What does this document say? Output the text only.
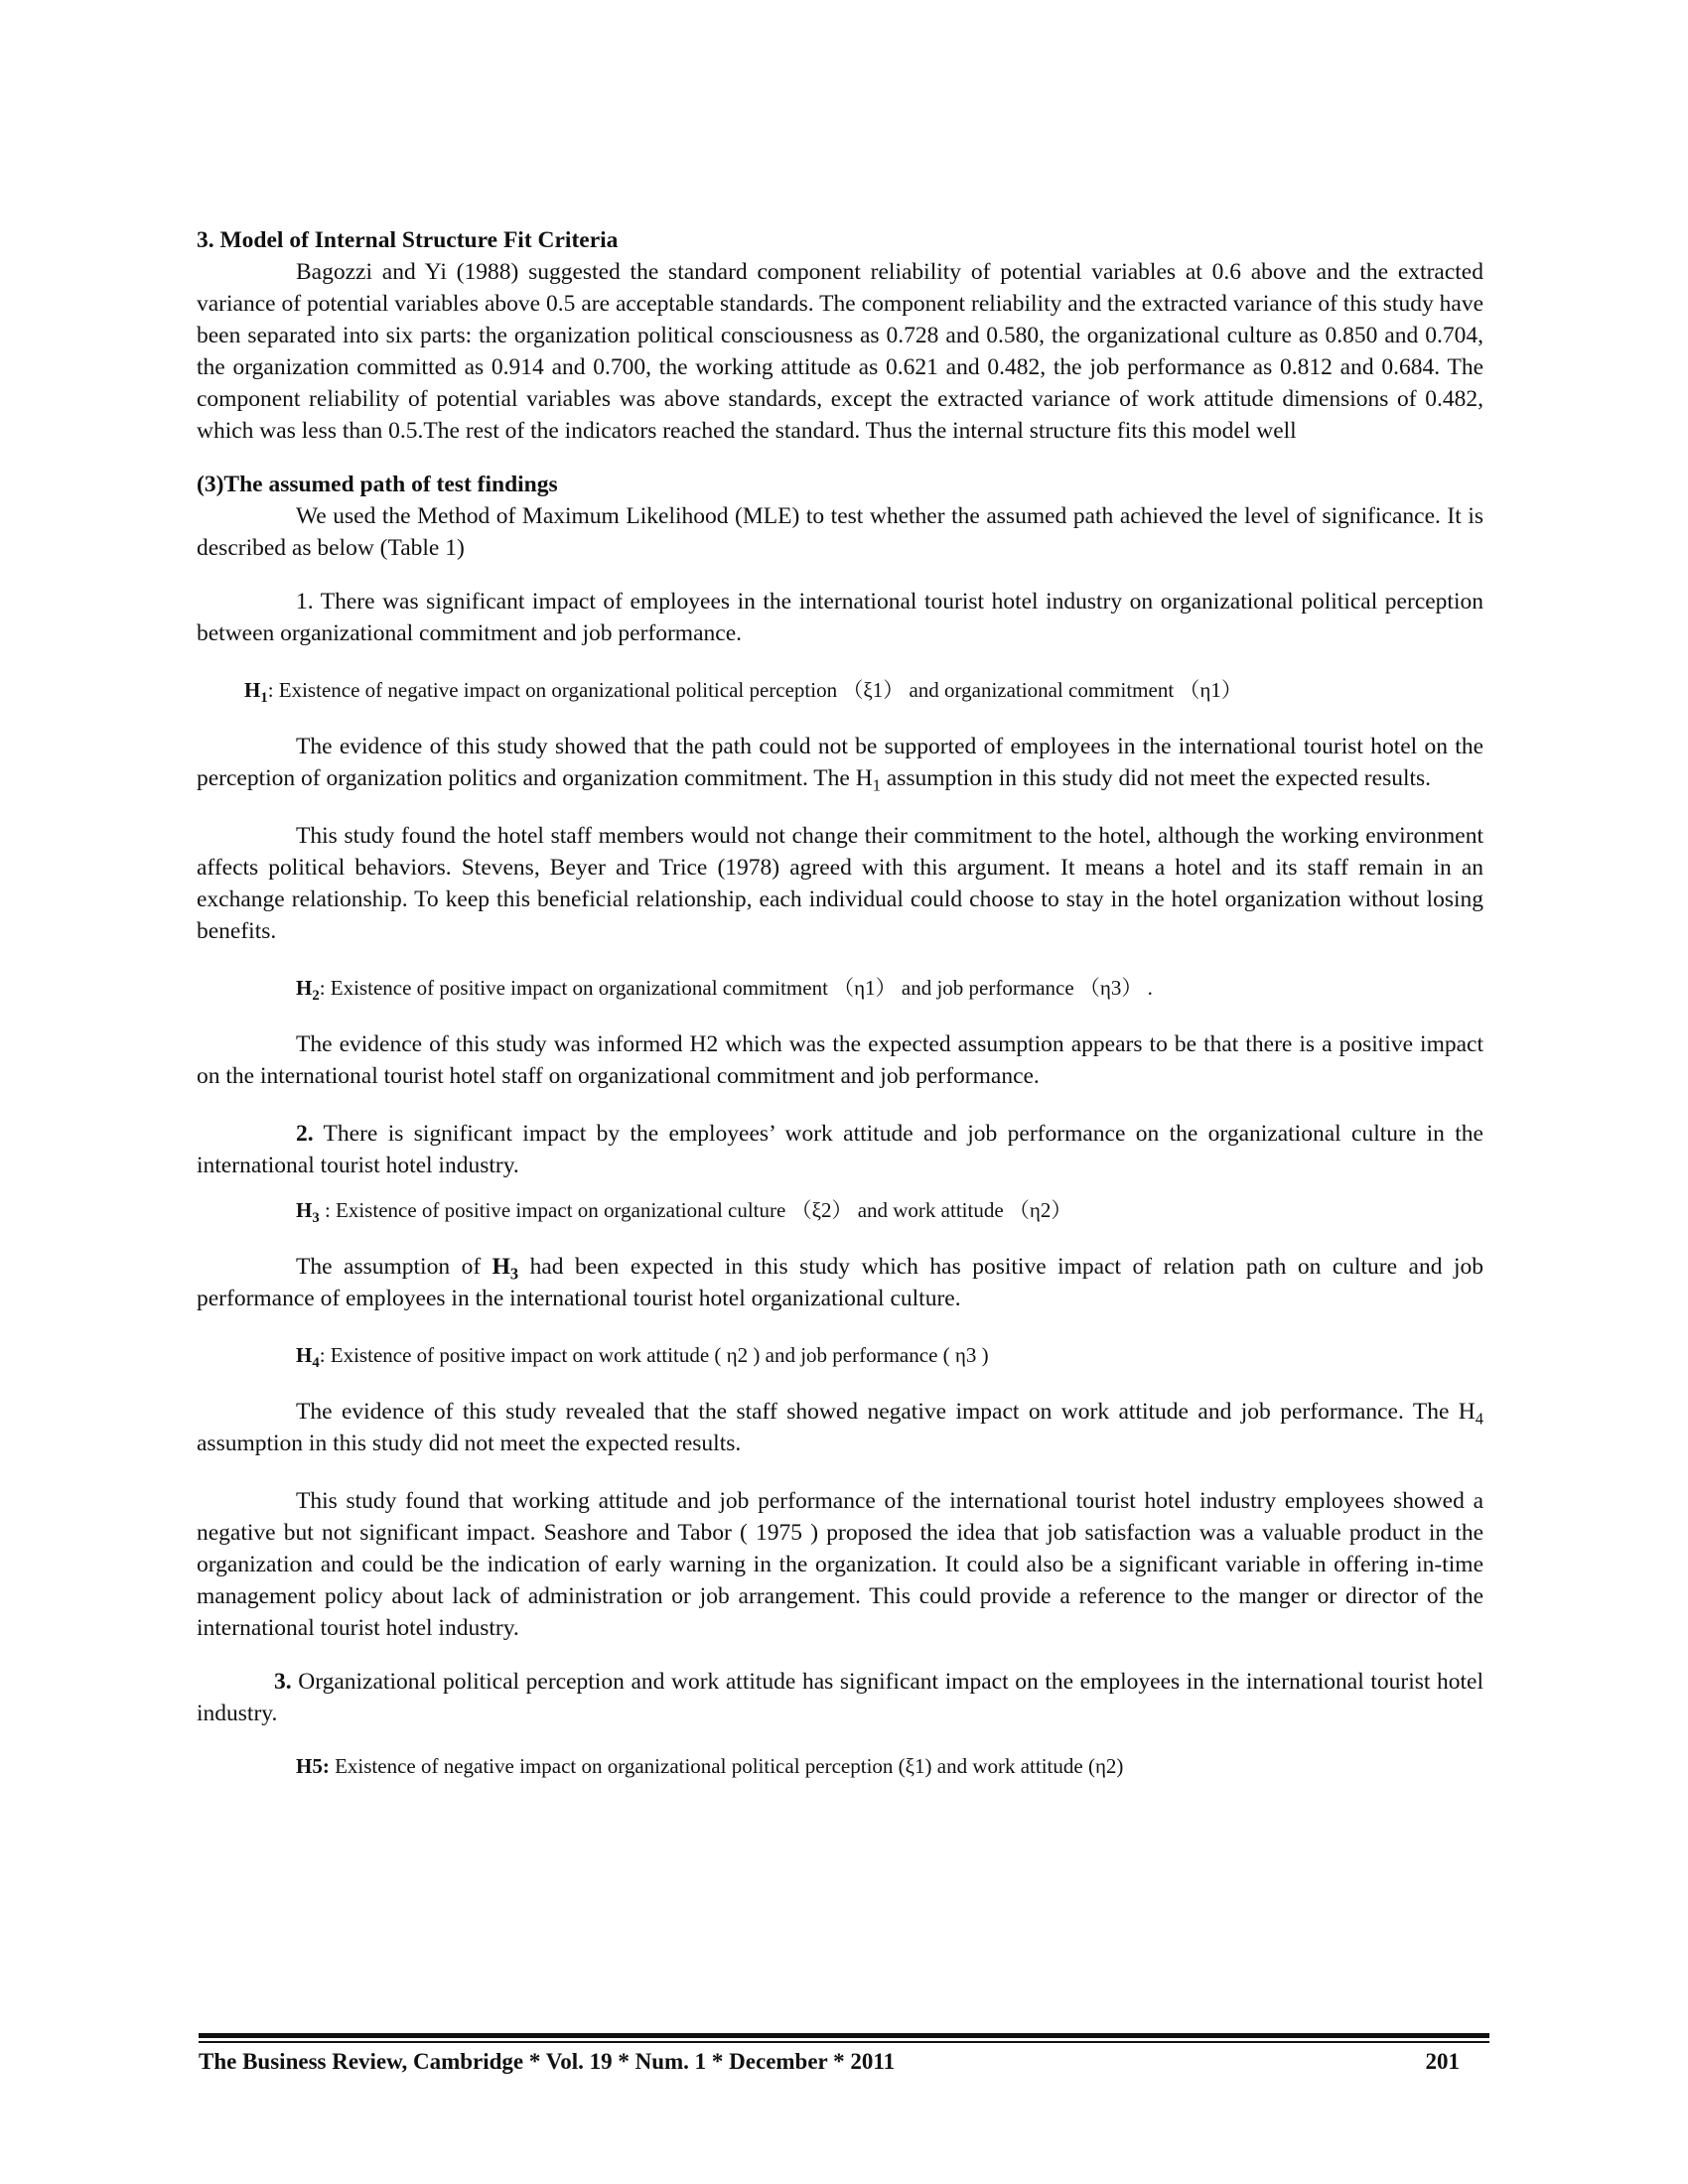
3. Model of Internal Structure Fit Criteria

Bagozzi and Yi (1988) suggested the standard component reliability of potential variables at 0.6 above and the extracted variance of potential variables above 0.5 are acceptable standards. The component reliability and the extracted variance of this study have been separated into six parts: the organization political consciousness as 0.728 and 0.580, the organizational culture as 0.850 and 0.704, the organization committed as 0.914 and 0.700, the working attitude as 0.621 and 0.482, the job performance as 0.812 and 0.684. The component reliability of potential variables was above standards, except the extracted variance of work attitude dimensions of 0.482, which was less than 0.5.The rest of the indicators reached the standard. Thus the internal structure fits this model well

(3)The assumed path of test findings

We used the Method of Maximum Likelihood (MLE) to test whether the assumed path achieved the level of significance. It is described as below (Table 1)

1. There was significant impact of employees in the international tourist hotel industry on organizational political perception between organizational commitment and job performance.

$H_1$: Existence of negative impact on organizational political perception （ξ1） and organizational commitment （η1）

The evidence of this study showed that the path could not be supported of employees in the international tourist hotel on the perception of organization politics and organization commitment. The $H_1$ assumption in this study did not meet the expected results.

This study found the hotel staff members would not change their commitment to the hotel, although the working environment affects political behaviors. Stevens, Beyer and Trice (1978) agreed with this argument. It means a hotel and its staff remain in an exchange relationship. To keep this beneficial relationship, each individual could choose to stay in the hotel organization without losing benefits.

$H_2$: Existence of positive impact on organizational commitment （η1） and job performance （η3） .

The evidence of this study was informed H2 which was the expected assumption appears to be that there is a positive impact on the international tourist hotel staff on organizational commitment and job performance.

2. There is significant impact by the employees’ work attitude and job performance on the organizational culture in the international tourist hotel industry.

$H_3$ : Existence of positive impact on organizational culture （ξ2） and work attitude （η2）

The assumption of $H_3$ had been expected in this study which has positive impact of relation path on culture and job performance of employees in the international tourist hotel organizational culture.

$H_4$: Existence of positive impact on work attitude ( η2 ) and job performance ( η3 )

The evidence of this study revealed that the staff showed negative impact on work attitude and job performance. The $H_4$ assumption in this study did not meet the expected results.

This study found that working attitude and job performance of the international tourist hotel industry employees showed a negative but not significant impact. Seashore and Tabor ( 1975 ) proposed the idea that job satisfaction was a valuable product in the organization and could be the indication of early warning in the organization. It could also be a significant variable in offering in-time management policy about lack of administration or job arrangement. This could provide a reference to the manger or director of the international tourist hotel industry.

3. Organizational political perception and work attitude has significant impact on the employees in the international tourist hotel industry.

H5: Existence of negative impact on organizational political perception (ξ1) and work attitude (η2)

The Business Review, Cambridge * Vol. 19 * Num. 1 * December * 2011	201
